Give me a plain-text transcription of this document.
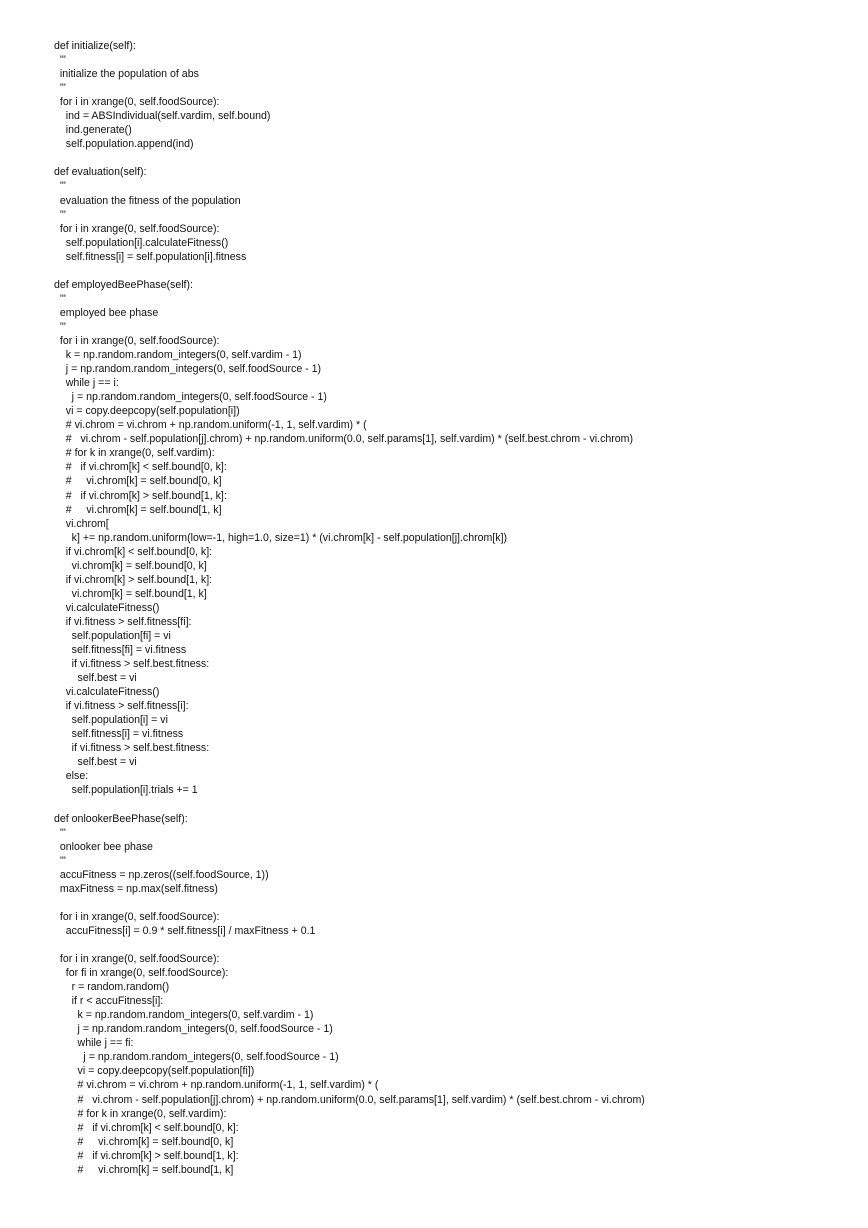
def initialize(self):
'''
initialize the population of abs
'''
for i in xrange(0, self.foodSource):
ind = ABSIndividual(self.vardim, self.bound)
ind.generate()
self.population.append(ind)
def evaluation(self):
'''
evaluation the fitness of the population
'''
for i in xrange(0, self.foodSource):
self.population[i].calculateFitness()
self.fitness[i] = self.population[i].fitness
def employedBeePhase(self):
'''
employed bee phase
'''
for i in xrange(0, self.foodSource):
k = np.random.random_integers(0, self.vardim - 1)
j = np.random.random_integers(0, self.foodSource - 1)
while j == i:
j = np.random.random_integers(0, self.foodSource - 1)
vi = copy.deepcopy(self.population[i])
# vi.chrom = vi.chrom + np.random.uniform(-1, 1, self.vardim) * (
#   vi.chrom - self.population[j].chrom) + np.random.uniform(0.0, self.params[1], self.vardim) * (self.best.chrom - vi.chrom)
# for k in xrange(0, self.vardim):
#   if vi.chrom[k] < self.bound[0, k]:
#     vi.chrom[k] = self.bound[0, k]
#   if vi.chrom[k] > self.bound[1, k]:
#     vi.chrom[k] = self.bound[1, k]
vi.chrom[
k] += np.random.uniform(low=-1, high=1.0, size=1) * (vi.chrom[k] - self.population[j].chrom[k])
if vi.chrom[k] < self.bound[0, k]:
vi.chrom[k] = self.bound[0, k]
if vi.chrom[k] > self.bound[1, k]:
vi.chrom[k] = self.bound[1, k]
vi.calculateFitness()
if vi.fitness > self.fitness[fi]:
self.population[fi] = vi
self.fitness[fi] = vi.fitness
if vi.fitness > self.best.fitness:
self.best = vi
vi.calculateFitness()
if vi.fitness > self.fitness[i]:
self.population[i] = vi
self.fitness[i] = vi.fitness
if vi.fitness > self.best.fitness:
self.best = vi
else:
self.population[i].trials += 1
def onlookerBeePhase(self):
'''
onlooker bee phase
'''
accuFitness = np.zeros((self.foodSource, 1))
maxFitness = np.max(self.fitness)
for i in xrange(0, self.foodSource):
accuFitness[i] = 0.9 * self.fitness[i] / maxFitness + 0.1
for i in xrange(0, self.foodSource):
for fi in xrange(0, self.foodSource):
r = random.random()
if r < accuFitness[i]:
k = np.random.random_integers(0, self.vardim - 1)
j = np.random.random_integers(0, self.foodSource - 1)
while j == fi:
j = np.random.random_integers(0, self.foodSource - 1)
vi = copy.deepcopy(self.population[fi])
# vi.chrom = vi.chrom + np.random.uniform(-1, 1, self.vardim) * (
#   vi.chrom - self.population[j].chrom) + np.random.uniform(0.0, self.params[1], self.vardim) * (self.best.chrom - vi.chrom)
# for k in xrange(0, self.vardim):
#   if vi.chrom[k] < self.bound[0, k]:
#     vi.chrom[k] = self.bound[0, k]
#   if vi.chrom[k] > self.bound[1, k]:
#     vi.chrom[k] = self.bound[1, k]
